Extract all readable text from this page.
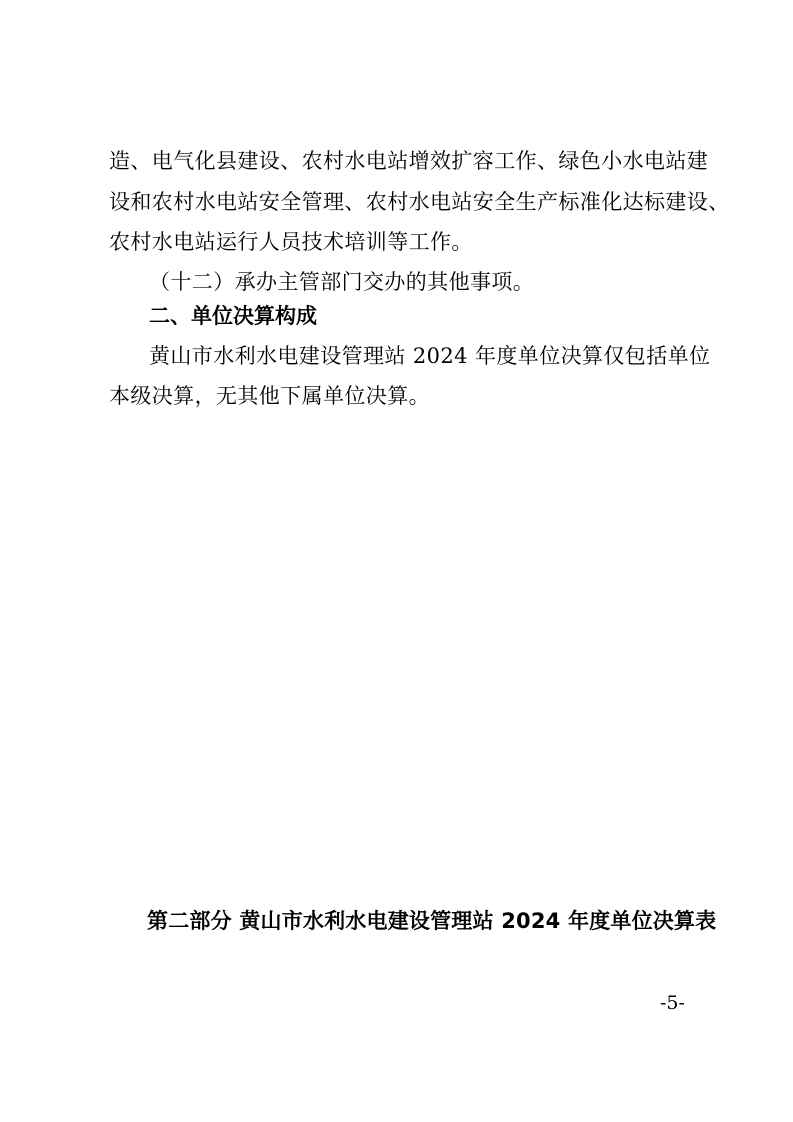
造、电气化县建设、农村水电站增效扩容工作、绿色小水电站建
设和农村水电站安全管理、农村水电站安全生产标准化达标建设、
农村水电站运行人员技术培训等工作。
（十二）承办主管部门交办的其他事项。
二、单位决算构成
黄山市水利水电建设管理站 2024 年度单位决算仅包括单位
本级决算，无其他下属单位决算。
第二部分 黄山市水利水电建设管理站 2024 年度单位决算表
-5-
